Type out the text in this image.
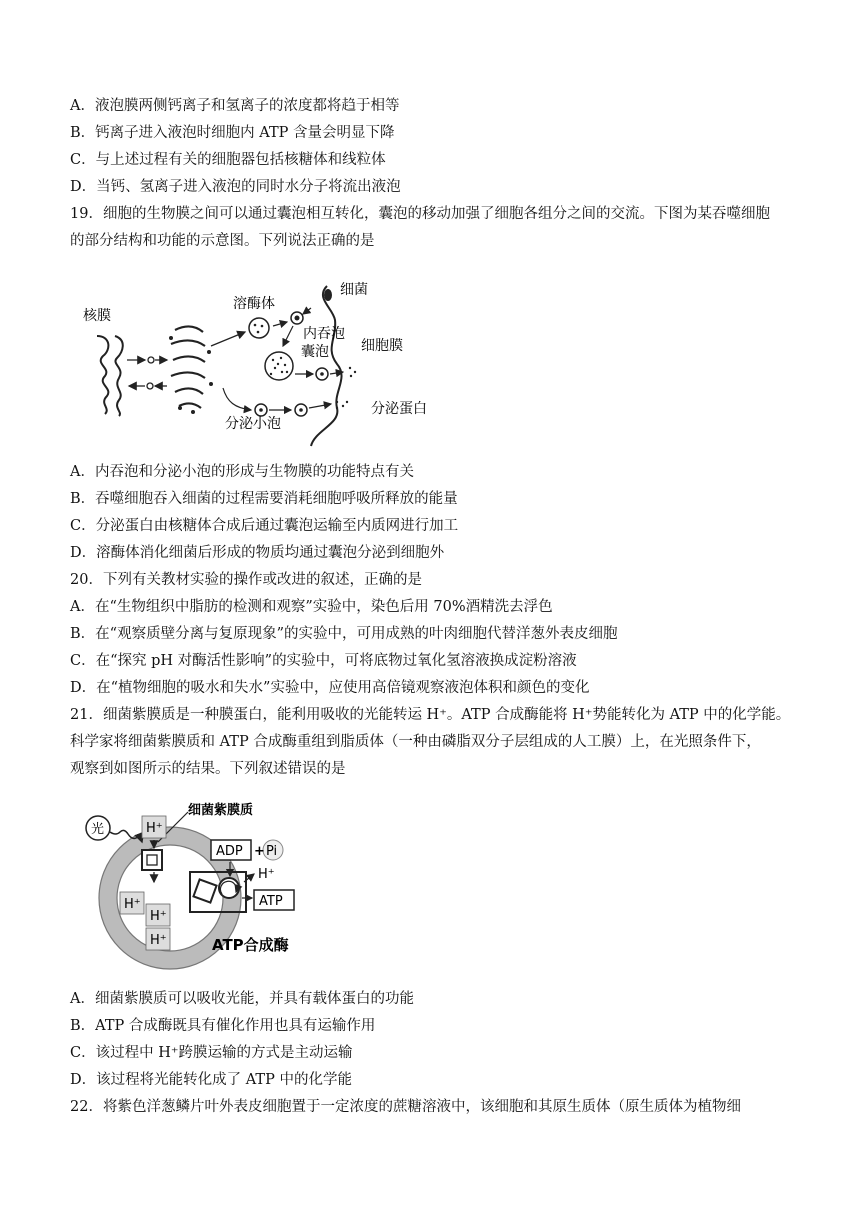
A．液泡膜两侧钙离子和氢离子的浓度都将趋于相等
B．钙离子进入液泡时细胞内 ATP 含量会明显下降
C．与上述过程有关的细胞器包括核糖体和线粒体
D．当钙、氢离子进入液泡的同时水分子将流出液泡
19．细胞的生物膜之间可以通过囊泡相互转化，囊泡的移动加强了细胞各组分之间的交流。下图为某吞噬细胞
的部分结构和功能的示意图。下列说法正确的是
核膜
溶酶体
细菌
内吞泡
囊泡 细胞膜
分泌小泡
分泌蛋白
A．内吞泡和分泌小泡的形成与生物膜的功能特点有关
B．吞噬细胞吞入细菌的过程需要消耗细胞呼吸所释放的能量
C．分泌蛋白由核糖体合成后通过囊泡运输至内质网进行加工
D．溶酶体消化细菌后形成的物质均通过囊泡分泌到细胞外
20．下列有关教材实验的操作或改进的叙述，正确的是
A．在“生物组织中脂肪的检测和观察”实验中，染色后用 70%酒精洗去浮色
B．在“观察质壁分离与复原现象”的实验中，可用成熟的叶肉细胞代替洋葱外表皮细胞
C．在“探究 pH 对酶活性影响”的实验中，可将底物过氧化氢溶液换成淀粉溶液
D．在“植物细胞的吸水和失水”实验中，应使用高倍镜观察液泡体积和颜色的变化
21．细菌紫膜质是一种膜蛋白，能利用吸收的光能转运 H⁺。ATP 合成酶能将 H⁺势能转化为 ATP 中的化学能。
科学家将细菌紫膜质和 ATP 合成酶重组到脂质体（一种由磷脂双分子层组成的人工膜）上，在光照条件下，
观察到如图所示的结果。下列叙述错误的是
光
细菌紫膜质
H⁺
H⁺
H⁺
H⁺
ADP + Pi
H⁺
ATP
ATP合成酶
A．细菌紫膜质可以吸收光能，并具有载体蛋白的功能
B．ATP 合成酶既具有催化作用也具有运输作用
C．该过程中 H⁺跨膜运输的方式是主动运输
D．该过程将光能转化成了 ATP 中的化学能
22．将紫色洋葱鳞片叶外表皮细胞置于一定浓度的蔗糖溶液中，该细胞和其原生质体（原生质体为植物细
